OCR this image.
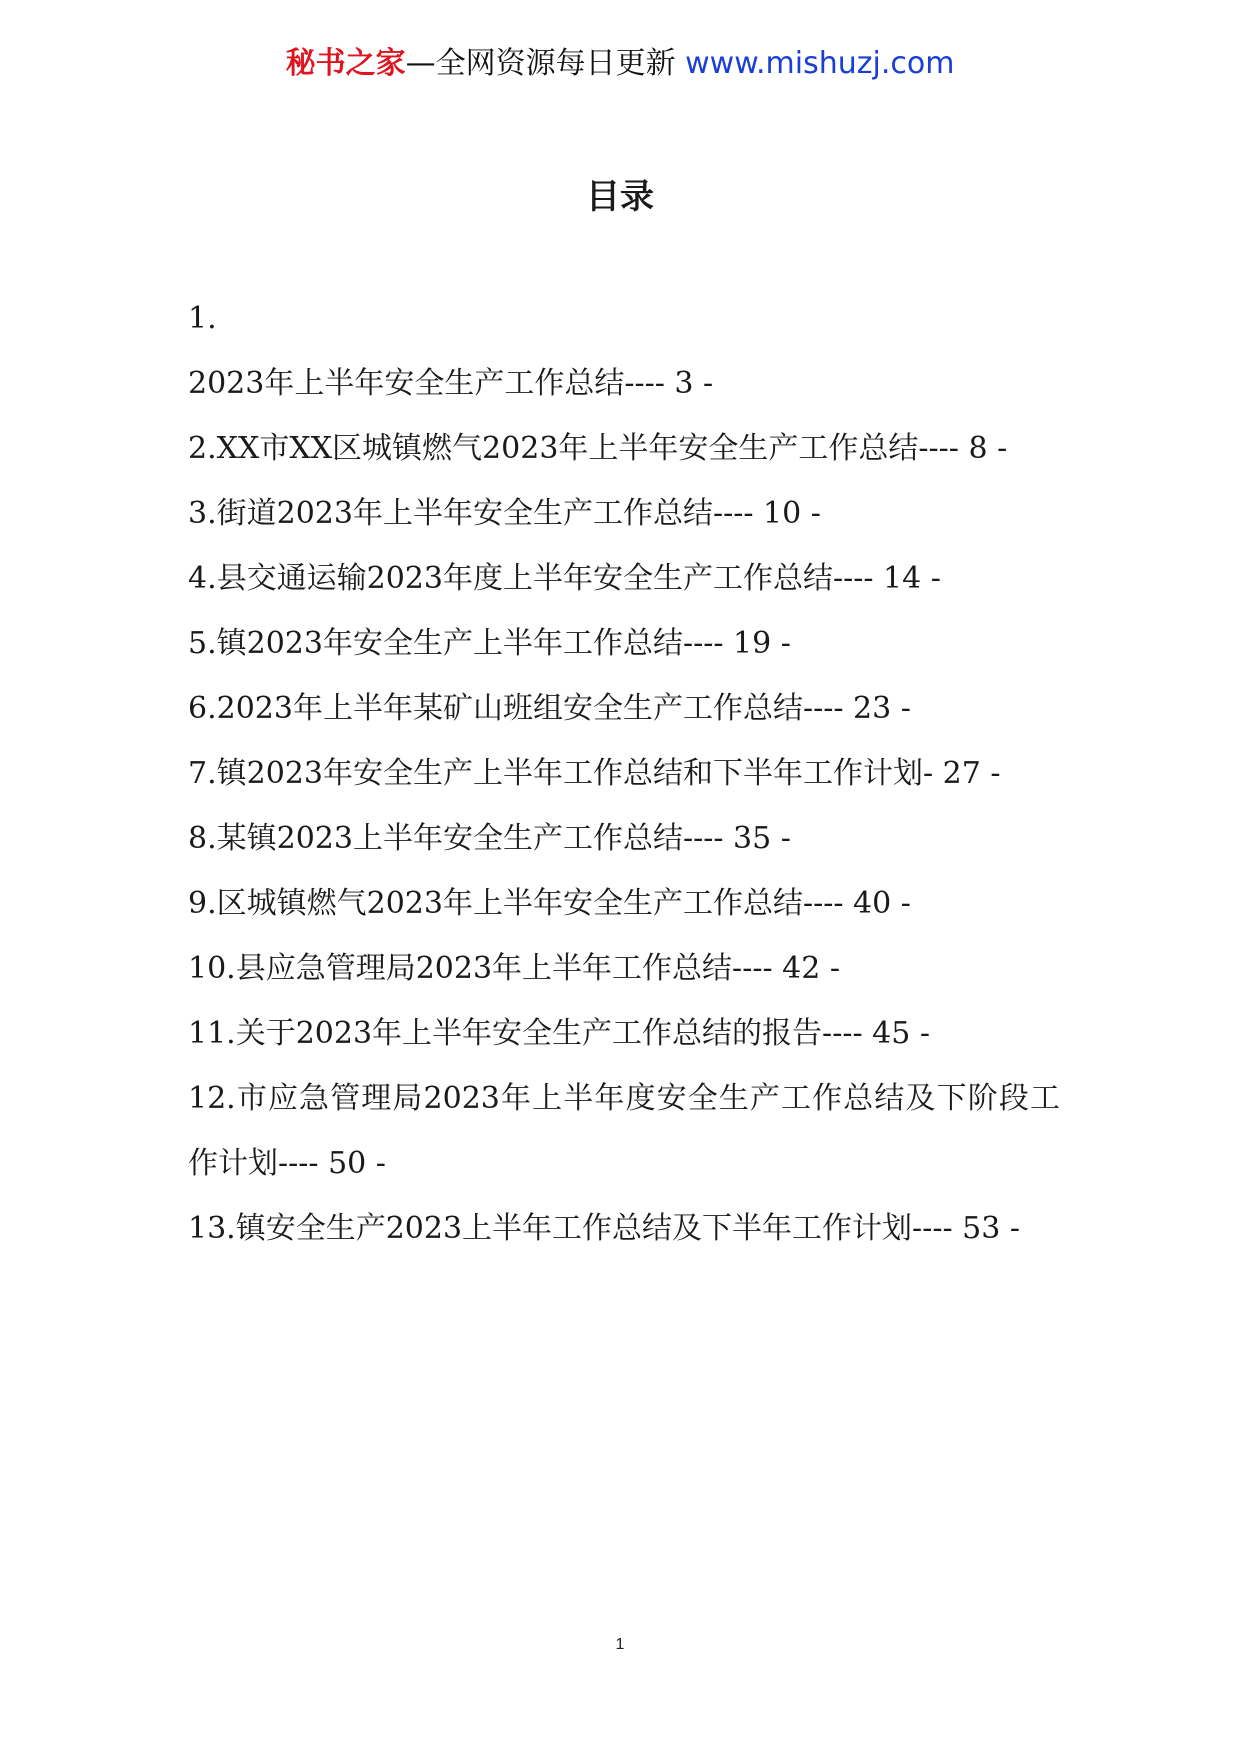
秘书之家—全网资源每日更新 www.mishuzj.com
目录
1.
2023年上半年安全生产工作总结---- 3 -
2.XX市XX区城镇燃气2023年上半年安全生产工作总结---- 8 -
3.街道2023年上半年安全生产工作总结---- 10 -
4.县交通运输2023年度上半年安全生产工作总结---- 14 -
5.镇2023年安全生产上半年工作总结---- 19 -
6.2023年上半年某矿山班组安全生产工作总结---- 23 -
7.镇2023年安全生产上半年工作总结和下半年工作计划- 27 -
8.某镇2023上半年安全生产工作总结---- 35 -
9.区城镇燃气2023年上半年安全生产工作总结---- 40 -
10.县应急管理局2023年上半年工作总结---- 42 -
11.关于2023年上半年安全生产工作总结的报告---- 45 -
12.市应急管理局2023年上半年度安全生产工作总结及下阶段工作计划---- 50 -
13.镇安全生产2023上半年工作总结及下半年工作计划---- 53 -
1
